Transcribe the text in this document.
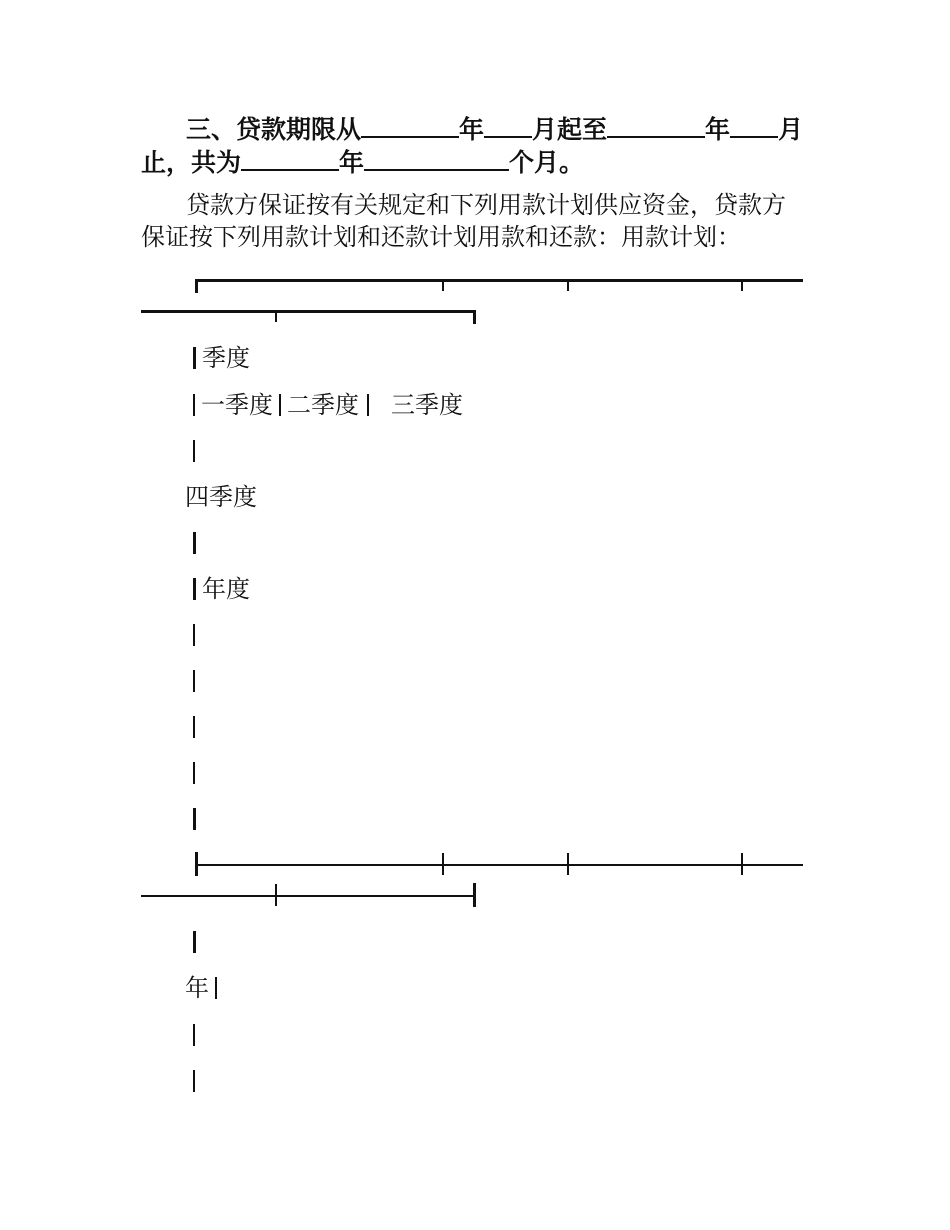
三、贷款期限从	年 月起至	年 月
止，共为	年	个月。
贷款方保证按有关规定和下列用款计划供应资金，贷款方
保证按下列用款计划和还款计划用款和还款：用款计划：
季度
一季度 二季度 三季度
四季度
年度
年
